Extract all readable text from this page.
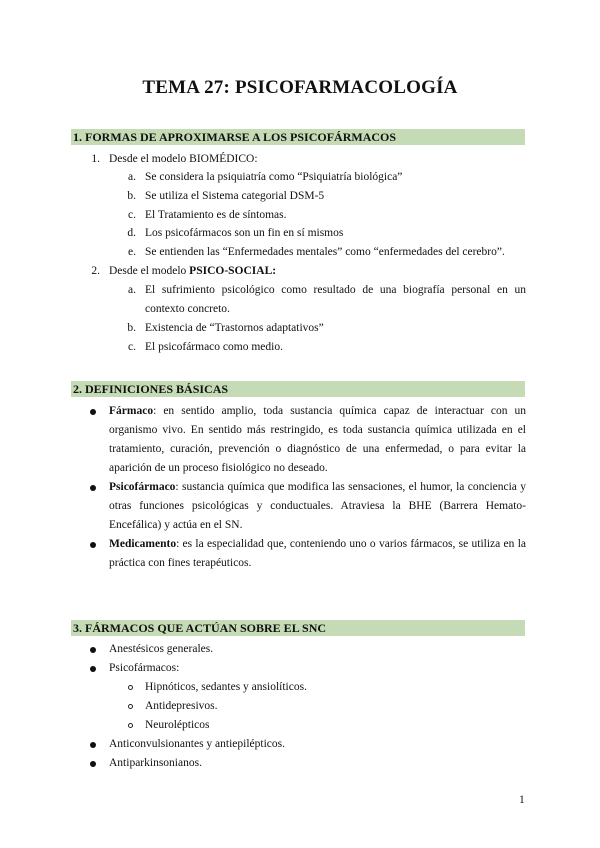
TEMA 27: PSICOFARMACOLOGÍA
1. FORMAS DE APROXIMARSE A LOS PSICOFÁRMACOS
1. Desde el modelo BIOMÉDICO:
a. Se considera la psiquiatría como “Psiquiatría biológica”
b. Se utiliza el Sistema categorial DSM-5
c. El Tratamiento es de síntomas.
d. Los psicofármacos son un fin en sí mismos
e. Se entienden las “Enfermedades mentales” como “enfermedades del cerebro”.
2. Desde el modelo PSICO-SOCIAL:
a. El sufrimiento psicológico como resultado de una biografía personal en un contexto concreto.
b. Existencia de “Trastornos adaptativos”
c. El psicofármaco como medio.
2. DEFINICIONES BÁSICAS
Fármaco: en sentido amplio, toda sustancia química capaz de interactuar con un organismo vivo. En sentido más restringido, es toda sustancia química utilizada en el tratamiento, curación, prevención o diagnóstico de una enfermedad, o para evitar la aparición de un proceso fisiológico no deseado.
Psicofármaco: sustancia química que modifica las sensaciones, el humor, la conciencia y otras funciones psicológicas y conductuales. Atraviesa la BHE (Barrera Hemato- Encefálica) y actúa en el SN.
Medicamento: es la especialidad que, conteniendo uno o varios fármacos, se utiliza en la práctica con fines terapéuticos.
3. FÁRMACOS QUE ACTÚAN SOBRE EL SNC
Anestésicos generales.
Psicofármacos:
Hipnóticos, sedantes y ansiolíticos.
Antidepresivos.
Neurolépticos
Anticonvulsionantes y antiepilépticos.
Antiparkinsonianos.
1
